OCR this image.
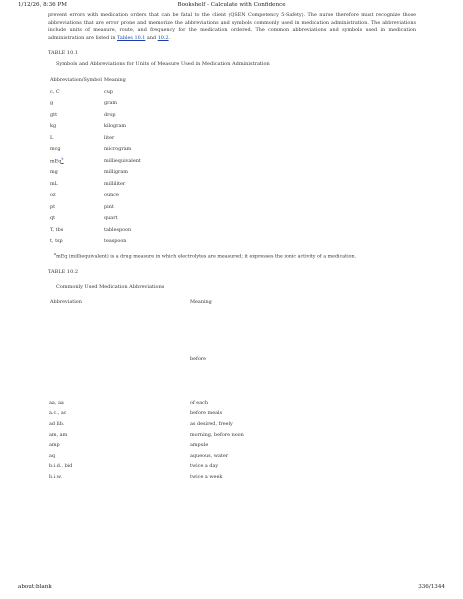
1/12/26, 8:36 PM	Bookshelf - Calculate with Confidence

prevent errors with medication orders that can be fatal to the client (QSEN Competency 5-Safety). The nurse therefore must recognize those abbreviations that are error prone and memorize the abbreviations and symbols commonly used in medication administration. The abbreviations include units of measure, route, and frequency for the medication ordered. The common abbreviations and symbols used in medication administration are listed in Tables 10.1 and 10.2.

TABLE 10.1
Symbols and Abbreviations for Units of Measure Used in Medication Administration
Abbreviation/Symbol	Meaning
c, C	cup
g	gram
gtt	drop
kg	kilogram
L	liter
mcg	microgram
mEq$^a$	milliequivalent
mg	milligram
mL	milliliter
oz	ounce
pt	pint
qt	quart
T, tbs	tablespoon
t, tsp	teaspoon
$^a$mEq (milliequivalent) is a drug measure in which electrolytes are measured; it expresses the ionic activity of a medication.
TABLE 10.2
Commonly Used Medication Abbreviations
Abbreviation	Meaning
before
aa, aa	of each
a.c., ac	before meals
ad lib.	as desired, freely
am, am	morning, before noon
amp	ampule
aq	aqueous, water
b.i.d., bid	twice a day
b.i.w.	twice a week
about:blank	336/1344
